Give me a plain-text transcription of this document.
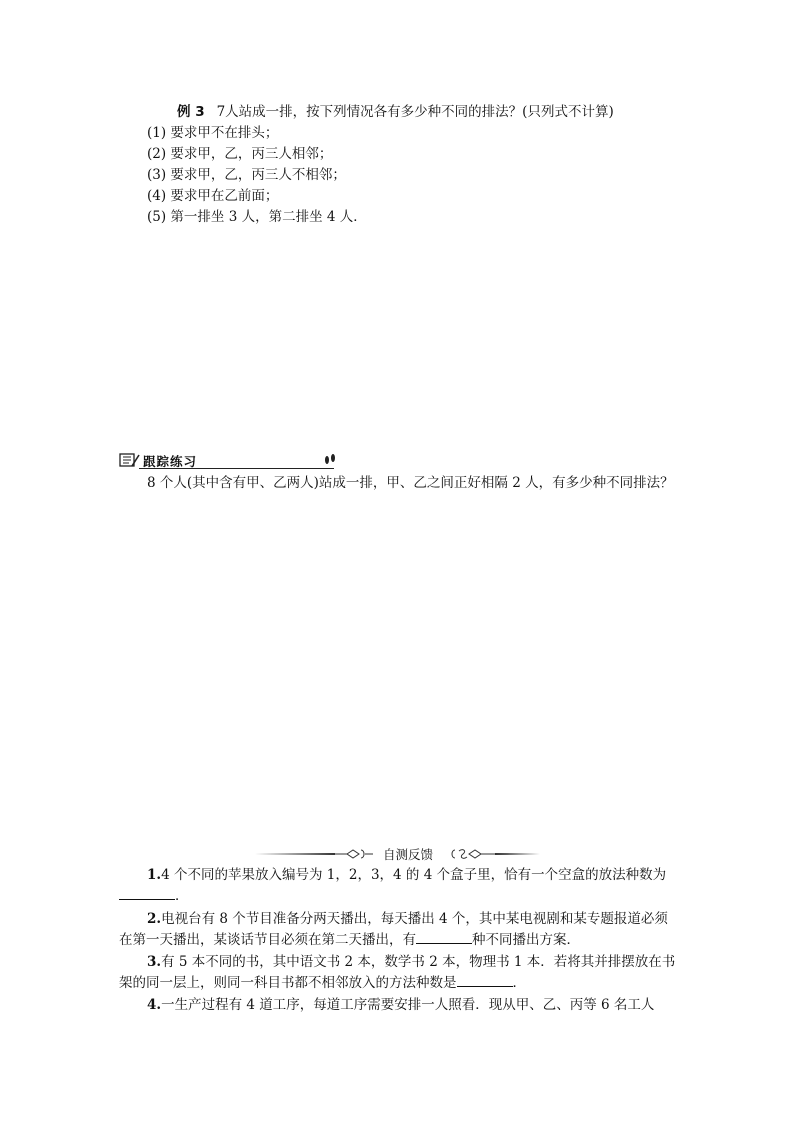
例 3 7人站成一排，按下列情况各有多少种不同的排法？(只列式不计算)
(1) 要求甲不在排头；
(2) 要求甲，乙，丙三人相邻；
(3) 要求甲，乙，丙三人不相邻；
(4) 要求甲在乙前面；
(5) 第一排坐 3 人，第二排坐 4 人．
跟踪练习
8 个人(其中含有甲、乙两人)站成一排，甲、乙之间正好相隔 2 人，有多少种不同排法？
自测反馈
1.4 个不同的苹果放入编号为 1，2，3，4 的 4 个盒子里，恰有一个空盒的放法种数为．
2.电视台有 8 个节目准备分两天播出，每天播出 4 个，其中某电视剧和某专题报道必须在第一天播出，某谈话节目必须在第二天播出，有	种不同播出方案．
3.有 5 本不同的书，其中语文书 2 本，数学书 2 本，物理书 1 本．若将其并排摆放在书架的同一层上，则同一科目书都不相邻放入的方法种数是	．
4.一生产过程有 4 道工序，每道工序需要安排一人照看．现从甲、乙、丙等 6 名工人
